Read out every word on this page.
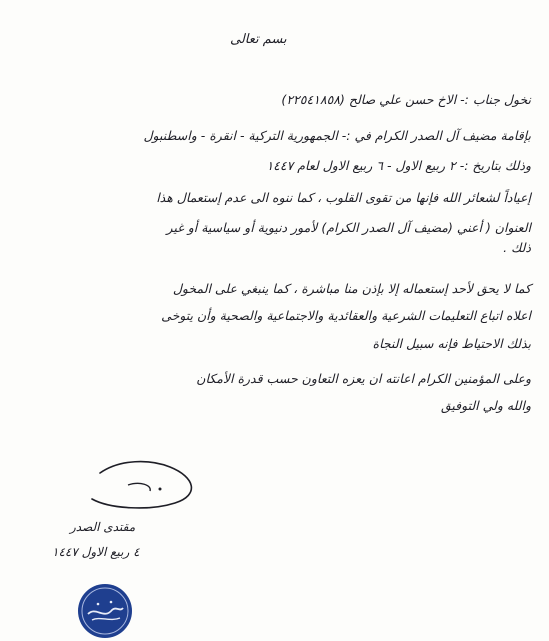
بسم تعالى
نخول جناب :- الاخ حسن علي صالح (٢٢٥٤١٨٥٨)
بإقامة مضيف آل الصدر الكرام في :- الجمهورية التركية - انقرة - واسطنبول
وذلك بتاريخ :- ٢ ربيع الاول - ٦ ربيع الاول لعام ١٤٤٧
إعياداً لشعائر الله فإنها من تقوى القلوب ، كما ننوه الى عدم إستعمال هذا
العنوان ( أعني (مضيف آل الصدر الكرام) لأمور دنيوية أو سياسية أو غير
ذلك .
كما لا يحق لأحد إستعماله إلا بإذن منا مباشرة ، كما ينبغي على المخول
اعلاه اتباع التعليمات الشرعية والعقائدية والاجتماعية والصحية وأن يتوخى
بذلك الاحتياط فإنه سبيل النجاة
وعلى المؤمنين الكرام اعانته ان يعزه التعاون حسب قدرة الأمكان
والله ولي التوفيق
مقتدى الصدر
٤ ربيع الاول ١٤٤٧
